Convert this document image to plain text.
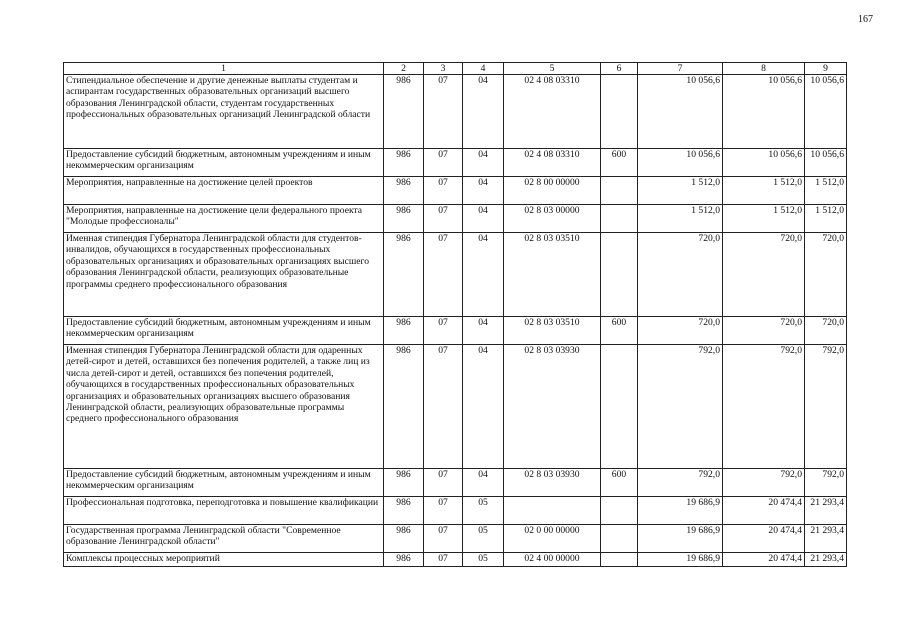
167
1	2	3	4	5	6	7	8	9
Стипендиальное обеспечение и другие денежные выплаты студентам и аспирантам государственных образовательных организаций высшего образования Ленинградской области, студентам государственных профессиональных образовательных организаций Ленинградской области	986	07	04	02 4 08 03310		10 056,6	10 056,6	10 056,6
Предоставление субсидий бюджетным, автономным учреждениям и иным некоммерческим организациям	986	07	04	02 4 08 03310	600	10 056,6	10 056,6	10 056,6
Мероприятия, направленные на достижение целей проектов	986	07	04	02 8 00 00000		1 512,0	1 512,0	1 512,0
Мероприятия, направленные на достижение цели федерального проекта "Молодые профессионалы"	986	07	04	02 8 03 00000		1 512,0	1 512,0	1 512,0
Именная стипендия Губернатора Ленинградской области для студентов-инвалидов, обучающихся в государственных профессиональных образовательных организациях и образовательных организациях высшего образования Ленинградской области, реализующих образовательные программы среднего профессионального образования	986	07	04	02 8 03 03510		720,0	720,0	720,0
Предоставление субсидий бюджетным, автономным учреждениям и иным некоммерческим организациям	986	07	04	02 8 03 03510	600	720,0	720,0	720,0
Именная стипендия Губернатора Ленинградской области для одаренных детей-сирот и детей, оставшихся без попечения родителей, а также лиц из числа детей-сирот и детей, оставшихся без попечения родителей, обучающихся в государственных профессиональных образовательных организациях и образовательных организациях высшего образования Ленинградской области, реализующих образовательные программы среднего профессионального образования	986	07	04	02 8 03 03930		792,0	792,0	792,0
Предоставление субсидий бюджетным, автономным учреждениям и иным некоммерческим организациям	986	07	04	02 8 03 03930	600	792,0	792,0	792,0
Профессиональная подготовка, переподготовка и повышение квалификации	986	07	05			19 686,9	20 474,4	21 293,4
Государственная программа Ленинградской области "Современное образование Ленинградской области"	986	07	05	02 0 00 00000		19 686,9	20 474,4	21 293,4
Комплексы процессных мероприятий	986	07	05	02 4 00 00000		19 686,9	20 474,4	21 293,4
